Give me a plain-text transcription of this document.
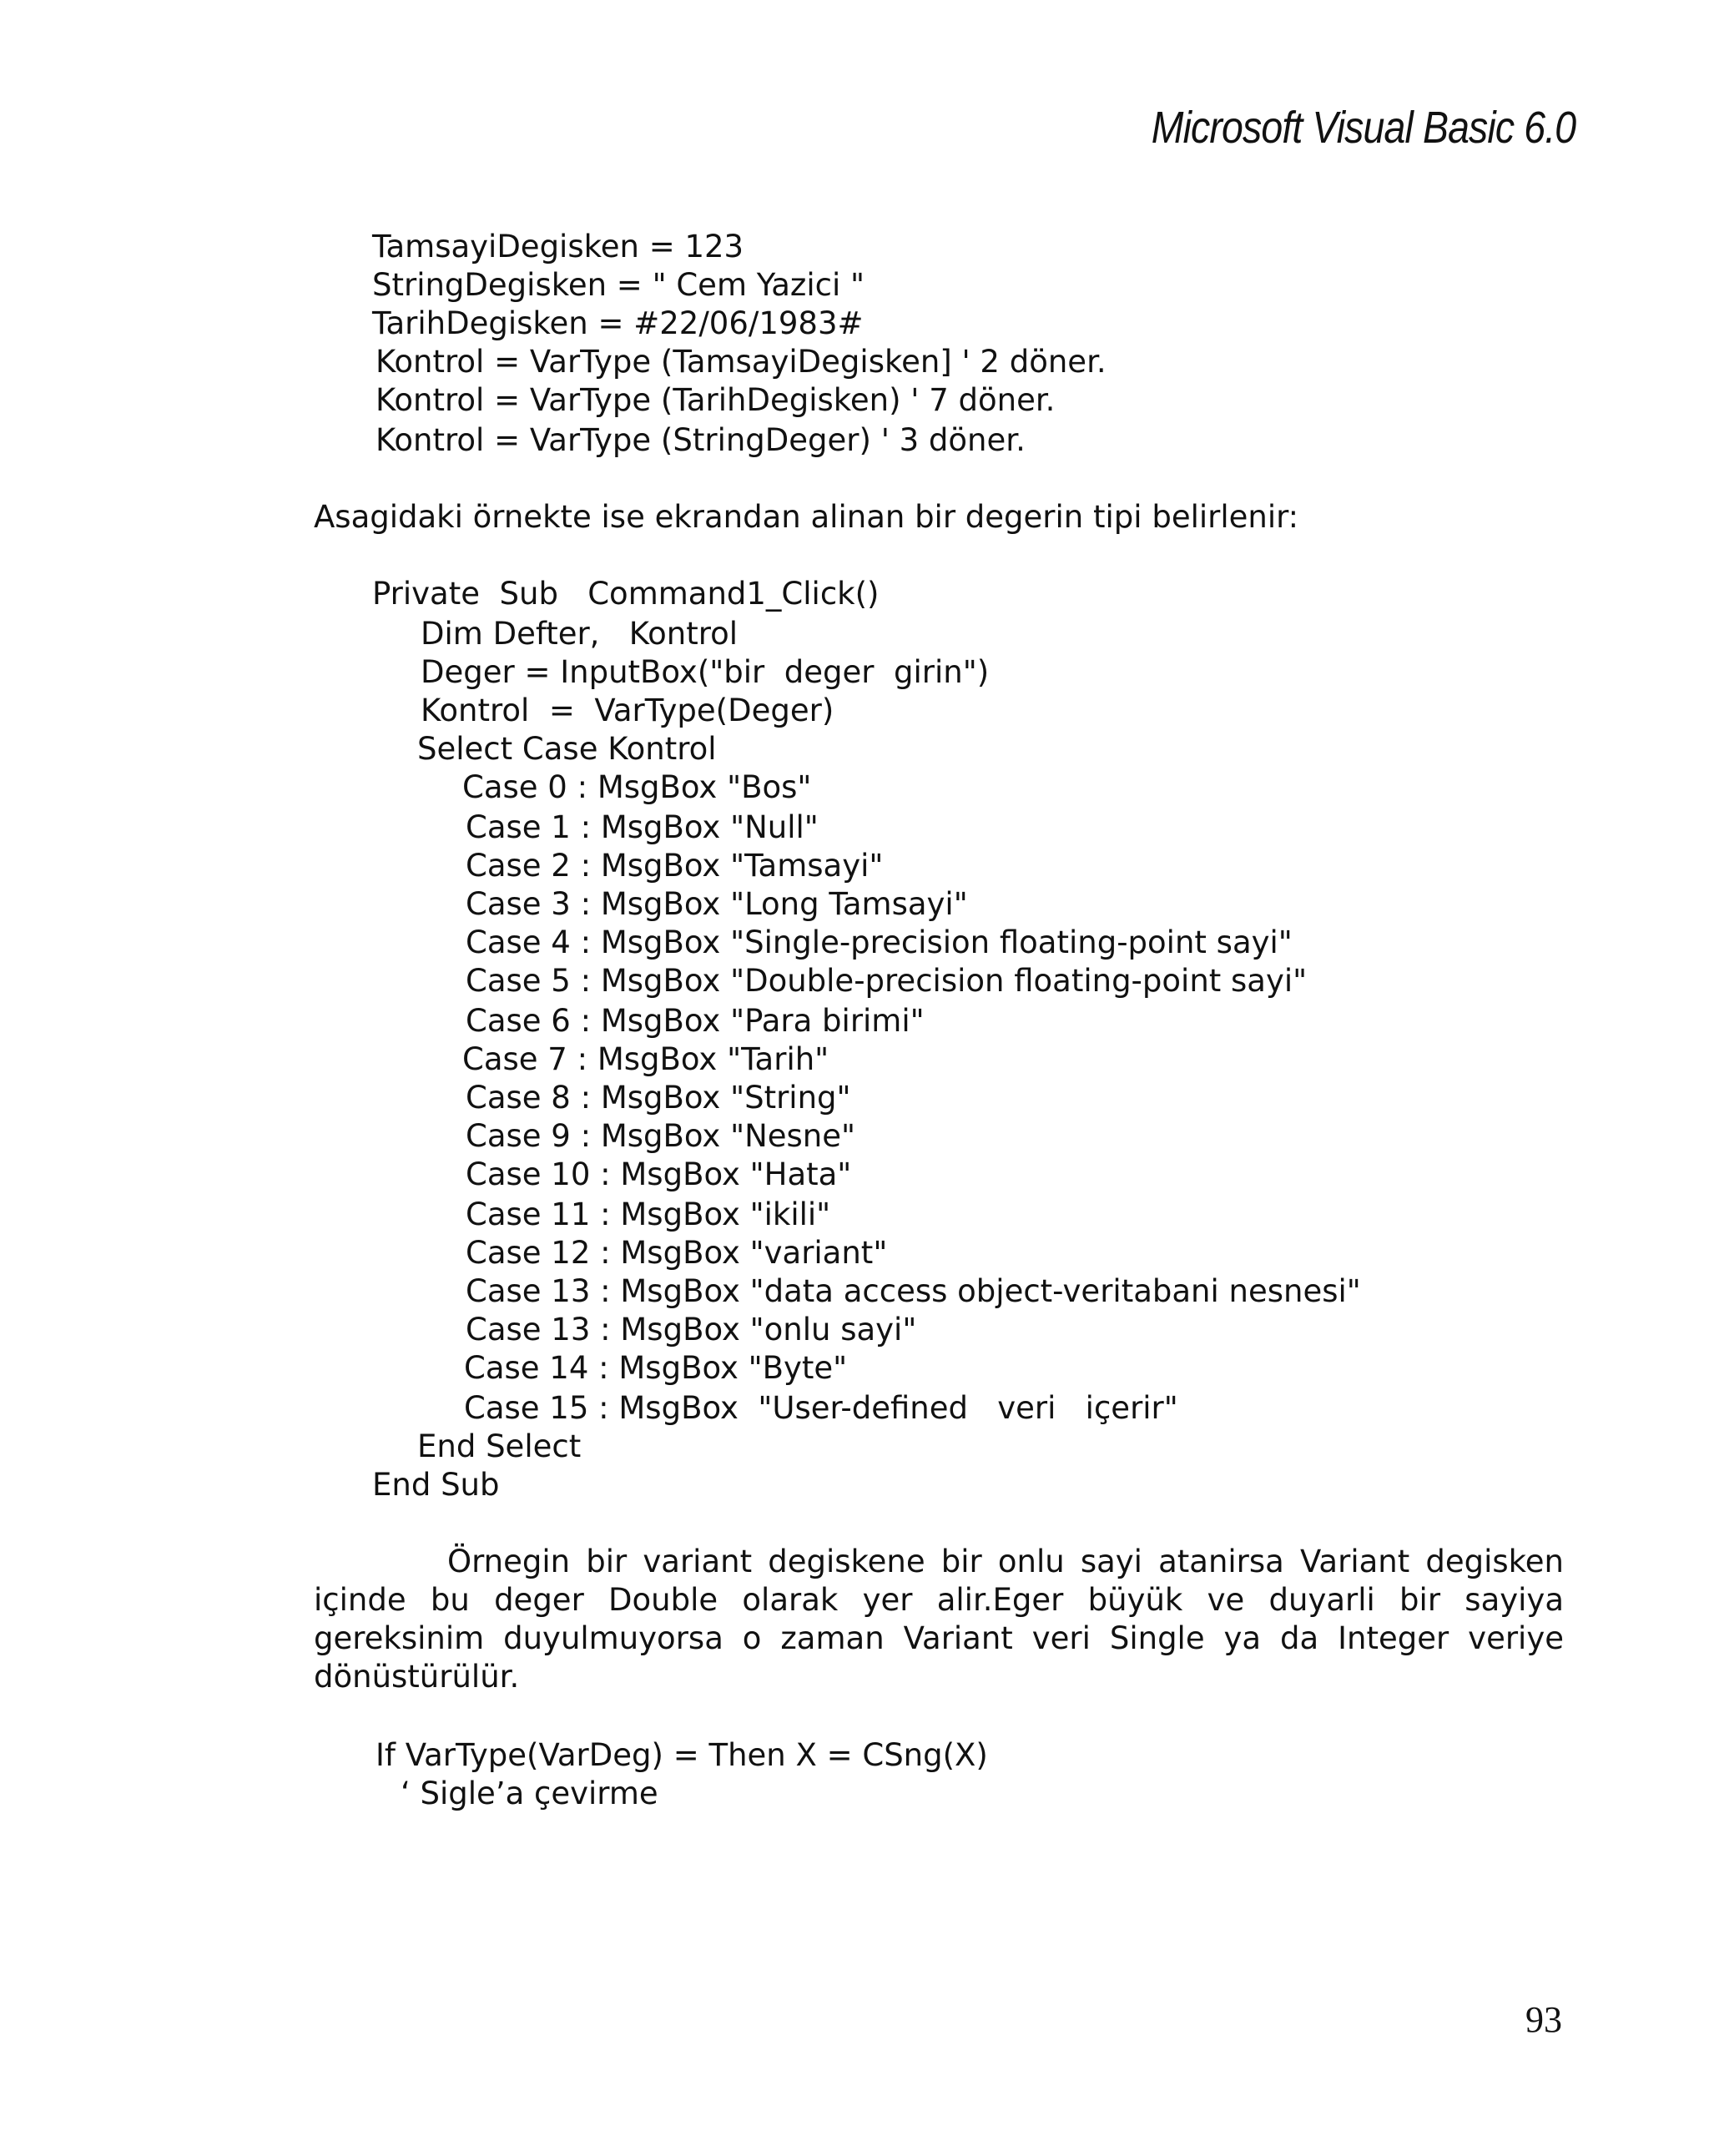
Microsoft Visual Basic 6.0
TamsayiDegisken = 123
StringDegisken = " Cem Yazici "
TarihDegisken = #22/06/1983#
Kontrol = VarType (TamsayiDegisken] ' 2 döner.
Kontrol = VarType (TarihDegisken) ' 7 döner.
Kontrol = VarType (StringDeger) ' 3 döner.
Asagidaki örnekte ise ekrandan alinan bir degerin tipi belirlenir:
Private  Sub   Command1_Click()
Dim Defter,   Kontrol
Deger = InputBox("bir  deger  girin")
Kontrol  =  VarType(Deger)
Select Case Kontrol
Case 0 : MsgBox "Bos"
Case 1 : MsgBox "Null"
Case 2 : MsgBox "Tamsayi"
Case 3 : MsgBox "Long Tamsayi"
Case 4 : MsgBox "Single-precision floating-point sayi"
Case 5 : MsgBox "Double-precision floating-point sayi"
Case 6 : MsgBox "Para birimi"
Case 7 : MsgBox "Tarih"
Case 8 : MsgBox "String"
Case 9 : MsgBox "Nesne"
Case 10 : MsgBox "Hata"
Case 11 : MsgBox "ikili"
Case 12 : MsgBox "variant"
Case 13 : MsgBox "data access object-veritabani nesnesi"
Case 13 : MsgBox "onlu sayi"
Case 14 : MsgBox "Byte"
Case 15 : MsgBox  "User-defined   veri   içerir"
End Select
End Sub
Örnegin bir variant degiskene bir onlu sayi atanirsa Variant degisken içinde bu deger Double olarak yer alir.Eger büyük ve duyarli bir sayiya gereksinim duyulmuyorsa o zaman Variant veri Single ya da Integer veriye dönüstürülür.
If VarType(VarDeg) = Then X = CSng(X)
‘ Sigle’a çevirme
93
